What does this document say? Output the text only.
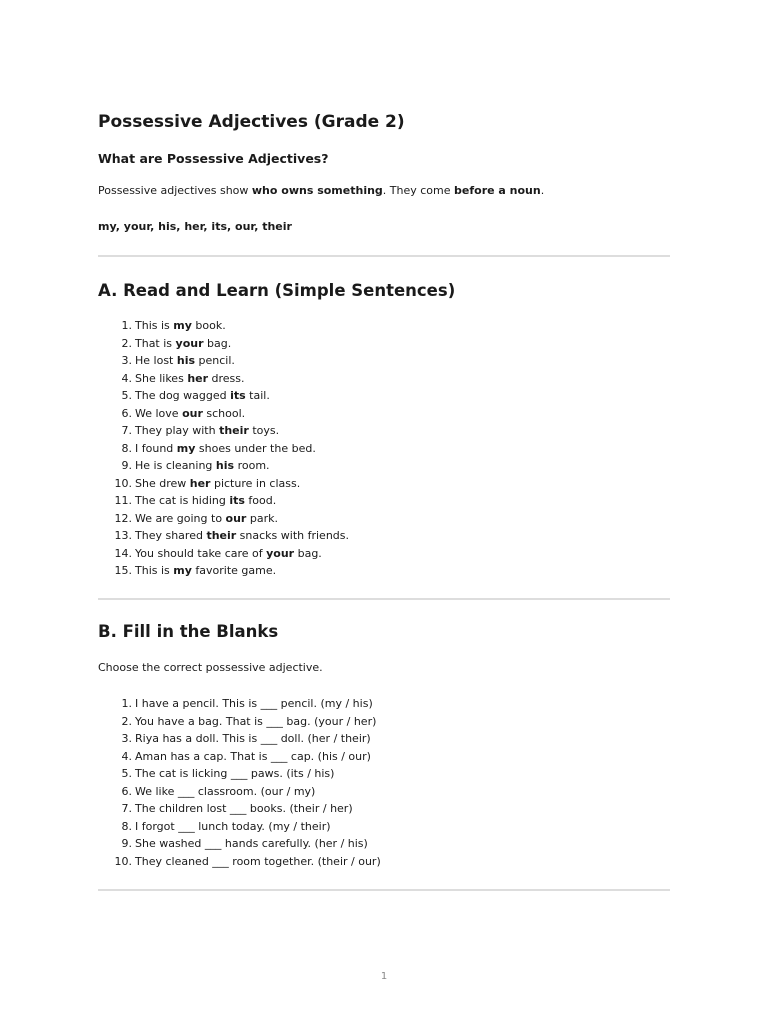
Possessive Adjectives (Grade 2)
What are Possessive Adjectives?

Possessive adjectives show who owns something. They come before a noun.

my, your, his, her, its, our, their

A. Read and Learn (Simple Sentences)
1. This is my book.
2. That is your bag.
3. He lost his pencil.
4. She likes her dress.
5. The dog wagged its tail.
6. We love our school.
7. They play with their toys.
8. I found my shoes under the bed.
9. He is cleaning his room.
10. She drew her picture in class.
11. The cat is hiding its food.
12. We are going to our park.
13. They shared their snacks with friends.
14. You should take care of your bag.
15. This is my favorite game.
B. Fill in the Blanks

Choose the correct possessive adjective.

1. I have a pencil. This is ___ pencil. (my / his)
2. You have a bag. That is ___ bag. (your / her)
3. Riya has a doll. This is ___ doll. (her / their)
4. Aman has a cap. That is ___ cap. (his / our)
5. The cat is licking ___ paws. (its / his)
6. We like ___ classroom. (our / my)
7. The children lost ___ books. (their / her)
8. I forgot ___ lunch today. (my / their)
9. She washed ___ hands carefully. (her / his)
10. They cleaned ___ room together. (their / our)
1
